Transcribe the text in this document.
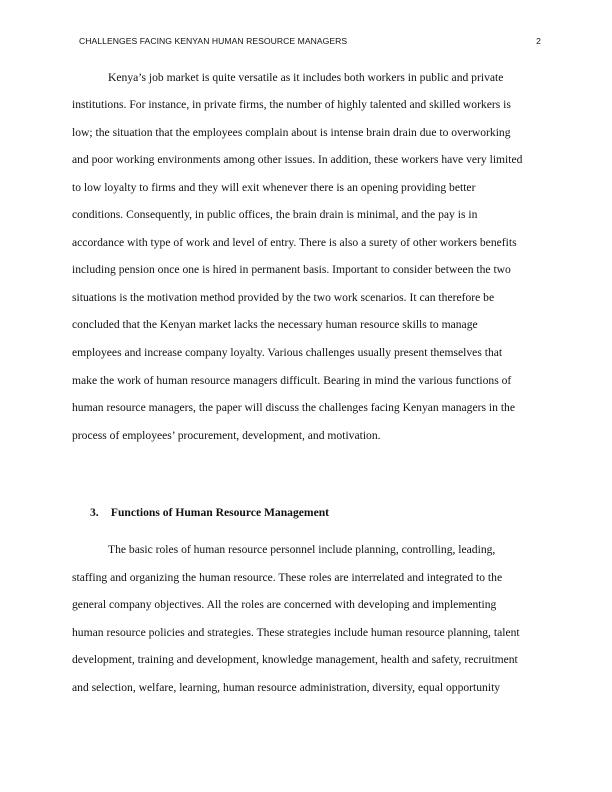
CHALLENGES FACING KENYAN HUMAN RESOURCE MANAGERS	2
Kenya’s job market is quite versatile as it includes both workers in public and private
institutions. For instance, in private firms, the number of highly talented and skilled workers is
low; the situation that the employees complain about is intense brain drain due to overworking
and poor working environments among other issues. In addition, these workers have very limited
to low loyalty to firms and they will exit whenever there is an opening providing better
conditions. Consequently, in public offices, the brain drain is minimal, and the pay is in
accordance with type of work and level of entry. There is also a surety of other workers benefits
including pension once one is hired in permanent basis. Important to consider between the two
situations is the motivation method provided by the two work scenarios. It can therefore be
concluded that the Kenyan market lacks the necessary human resource skills to manage
employees and increase company loyalty. Various challenges usually present themselves that
make the work of human resource managers difficult. Bearing in mind the various functions of
human resource managers, the paper will discuss the challenges facing Kenyan managers in the
process of employees’ procurement, development, and motivation.
3. Functions of Human Resource Management
The basic roles of human resource personnel include planning, controlling, leading,
staffing and organizing the human resource. These roles are interrelated and integrated to the
general company objectives. All the roles are concerned with developing and implementing
human resource policies and strategies. These strategies include human resource planning, talent
development, training and development, knowledge management, health and safety, recruitment
and selection, welfare, learning, human resource administration, diversity, equal opportunity
